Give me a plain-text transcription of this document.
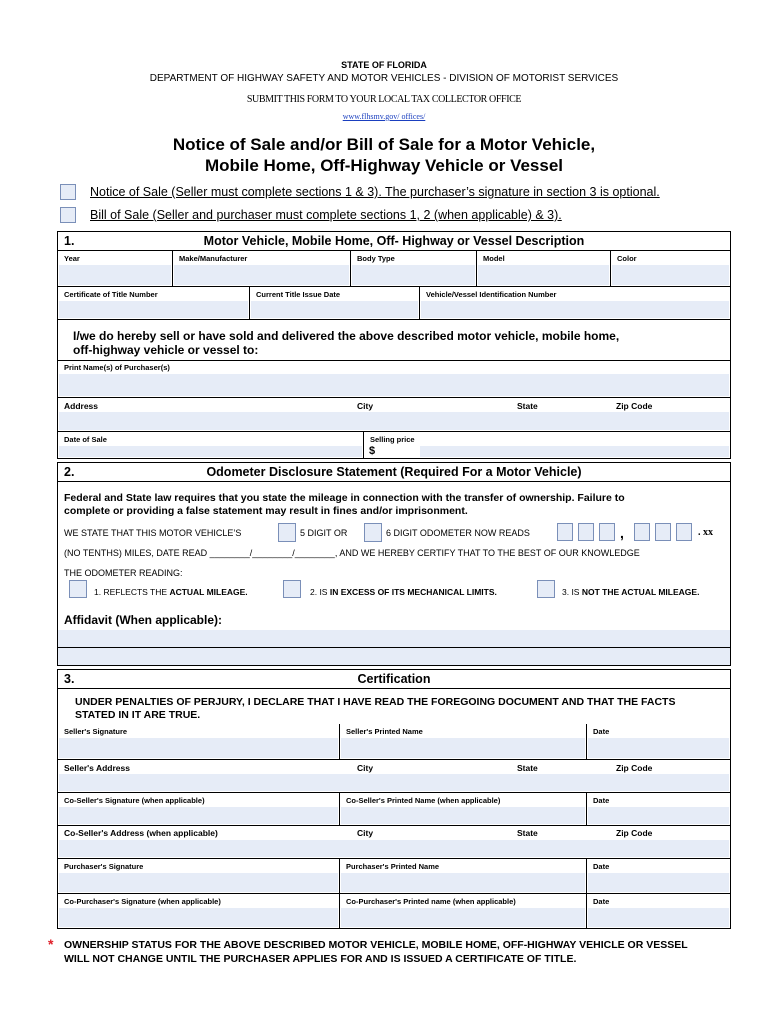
STATE OF FLORIDA
DEPARTMENT OF HIGHWAY SAFETY AND MOTOR VEHICLES - DIVISION OF MOTORIST SERVICES
SUBMIT THIS FORM TO YOUR LOCAL TAX COLLECTOR OFFICE
www.flhsmv.gov/ offices/
Notice of Sale and/or Bill of Sale for a Motor Vehicle,
Mobile Home, Off-Highway Vehicle or Vessel
Notice of Sale (Seller must complete sections 1 & 3). The purchaser’s signature in section 3 is optional.
Bill of Sale (Seller and purchaser must complete sections 1, 2 (when applicable) & 3).
1.	Motor Vehicle, Mobile Home, Off- Highway or Vessel Description
Year	Make/Manufacturer	Body Type	Model	Color
Certificate of Title Number	Current Title Issue Date	Vehicle/Vessel Identification Number
I/we do hereby sell or have sold and delivered the above described motor vehicle, mobile home,
off-highway vehicle or vessel to:
Print Name(s) of Purchaser(s)
Address	City	State	Zip Code
Date of Sale	Selling price
$
2.	Odometer Disclosure Statement (Required For a Motor Vehicle)
Federal and State law requires that you state the mileage in connection with the transfer of ownership. Failure to
complete or providing a false statement may result in fines and/or imprisonment.
WE STATE THAT THIS MOTOR VEHICLE’S	5 DIGIT OR	6 DIGIT ODOMETER NOW READS	,	. xx
(NO TENTHS) MILES, DATE READ ________/________/________, AND WE HEREBY CERTIFY THAT TO THE BEST OF OUR KNOWLEDGE
THE ODOMETER READING:
1. REFLECTS THE ACTUAL MILEAGE.	2. IS IN EXCESS OF ITS MECHANICAL LIMITS.	3. IS NOT THE ACTUAL MILEAGE.
Affidavit (When applicable):
3.	Certification
UNDER PENALTIES OF PERJURY, I DECLARE THAT I HAVE READ THE FOREGOING DOCUMENT AND THAT THE FACTS
STATED IN IT ARE TRUE.
Seller's Signature	Seller's Printed Name	Date
Seller's Address	City	State	Zip Code
Co-Seller's Signature (when applicable)	Co-Seller's Printed Name (when applicable)	Date
Co-Seller's Address (when applicable)	City	State	Zip Code
Purchaser's Signature	Purchaser's Printed Name	Date
Co-Purchaser's Signature (when applicable)	Co-Purchaser's Printed name (when applicable)	Date
* OWNERSHIP STATUS FOR THE ABOVE DESCRIBED MOTOR VEHICLE, MOBILE HOME, OFF-HIGHWAY VEHICLE OR VESSEL
WILL NOT CHANGE UNTIL THE PURCHASER APPLIES FOR AND IS ISSUED A CERTIFICATE OF TITLE.
